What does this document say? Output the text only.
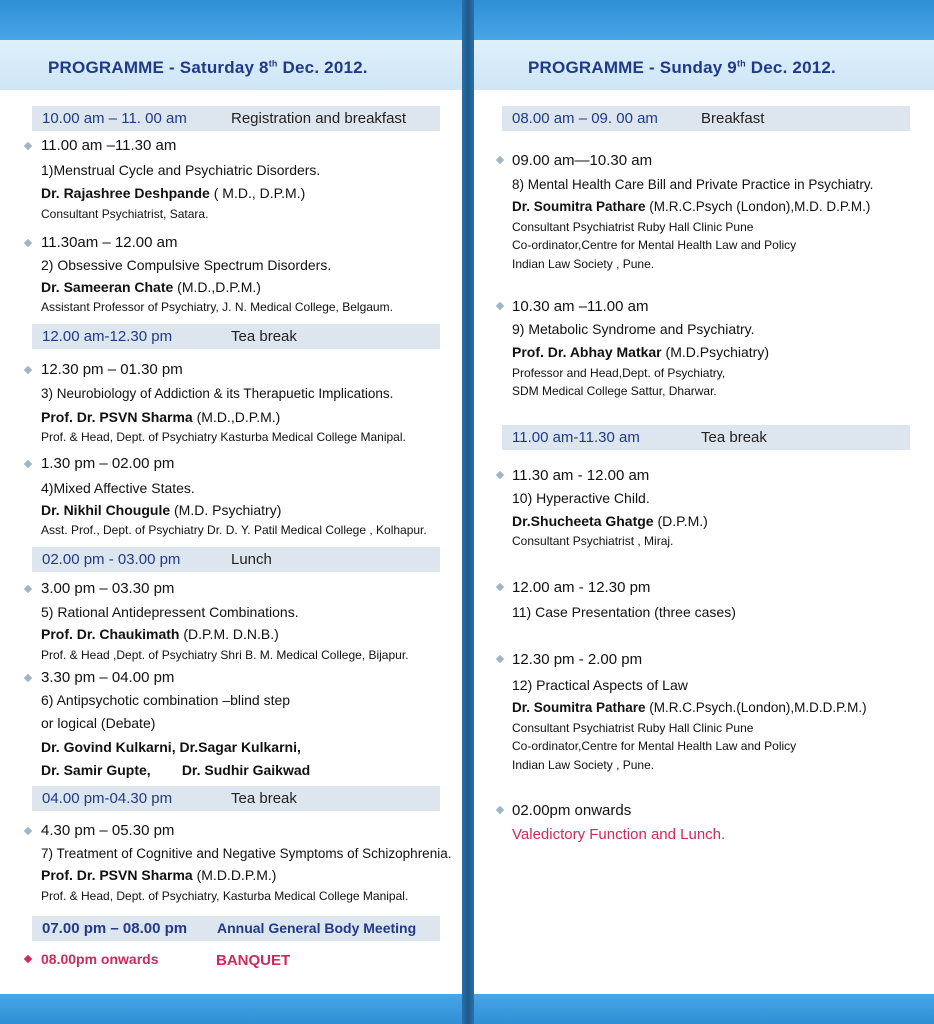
PROGRAMME - Saturday 8th Dec. 2012.	PROGRAMME - Sunday 9th Dec. 2012.
10.00 am – 11. 00 am	Registration and breakfast
11.00 am –11.30 am
1)Menstrual Cycle and Psychiatric Disorders.
Dr. Rajashree Deshpande ( M.D., D.P.M.)
Consultant Psychiatrist, Satara.
11.30am – 12.00 am
2) Obsessive Compulsive Spectrum Disorders.
Dr. Sameeran Chate (M.D.,D.P.M.)
Assistant Professor of Psychiatry, J. N. Medical College, Belgaum.
12.00 am-12.30 pm	Tea break
12.30 pm – 01.30 pm
3) Neurobiology of Addiction & its Therapuetic Implications.
Prof. Dr. PSVN Sharma (M.D.,D.P.M.)
Prof. & Head, Dept. of Psychiatry Kasturba Medical College Manipal.
1.30 pm – 02.00 pm
4)Mixed Affective States.
Dr. Nikhil Chougule (M.D. Psychiatry)
Asst. Prof., Dept. of Psychiatry Dr. D. Y. Patil Medical College , Kolhapur.
02.00 pm - 03.00 pm	Lunch
3.00 pm – 03.30 pm
5) Rational Antidepressent Combinations.
Prof. Dr. Chaukimath (D.P.M. D.N.B.)
Prof. & Head ,Dept. of Psychiatry Shri B. M. Medical College, Bijapur.
3.30 pm – 04.00 pm
6) Antipsychotic combination –blind step
or logical (Debate)
Dr. Govind Kulkarni, Dr.Sagar Kulkarni,
Dr. Samir Gupte,        Dr. Sudhir Gaikwad
04.00 pm-04.30 pm	Tea break
4.30 pm – 05.30 pm
7) Treatment of Cognitive and Negative Symptoms of Schizophrenia.
Prof. Dr. PSVN Sharma (M.D.D.P.M.)
Prof. & Head, Dept. of Psychiatry, Kasturba Medical College Manipal.
07.00 pm – 08.00 pm Annual General Body Meeting
08.00pm onwards	BANQUET
08.00 am – 09. 00 am	Breakfast
09.00 am—10.30 am
8) Mental Health Care Bill and Private Practice in Psychiatry.
Dr. Soumitra Pathare (M.R.C.Psych (London),M.D. D.P.M.)
Consultant Psychiatrist Ruby Hall Clinic Pune
Co-ordinator,Centre for Mental Health Law and Policy
Indian Law Society , Pune.
10.30 am –11.00 am
9) Metabolic Syndrome and Psychiatry.
Prof. Dr. Abhay Matkar (M.D.Psychiatry)
Professor and Head,Dept. of Psychiatry,
SDM Medical College Sattur, Dharwar.
11.00 am-11.30 am	Tea break
11.30 am - 12.00 am
10) Hyperactive Child.
Dr.Shucheeta Ghatge (D.P.M.)
Consultant Psychiatrist , Miraj.
12.00 am - 12.30 pm
11) Case Presentation (three cases)
12.30 pm - 2.00 pm
12) Practical Aspects of Law
Dr. Soumitra Pathare (M.R.C.Psych.(London),M.D.D.P.M.)
Consultant Psychiatrist Ruby Hall Clinic Pune
Co-ordinator,Centre for Mental Health Law and Policy
Indian Law Society , Pune.
02.00pm onwards
Valedictory Function and Lunch.
